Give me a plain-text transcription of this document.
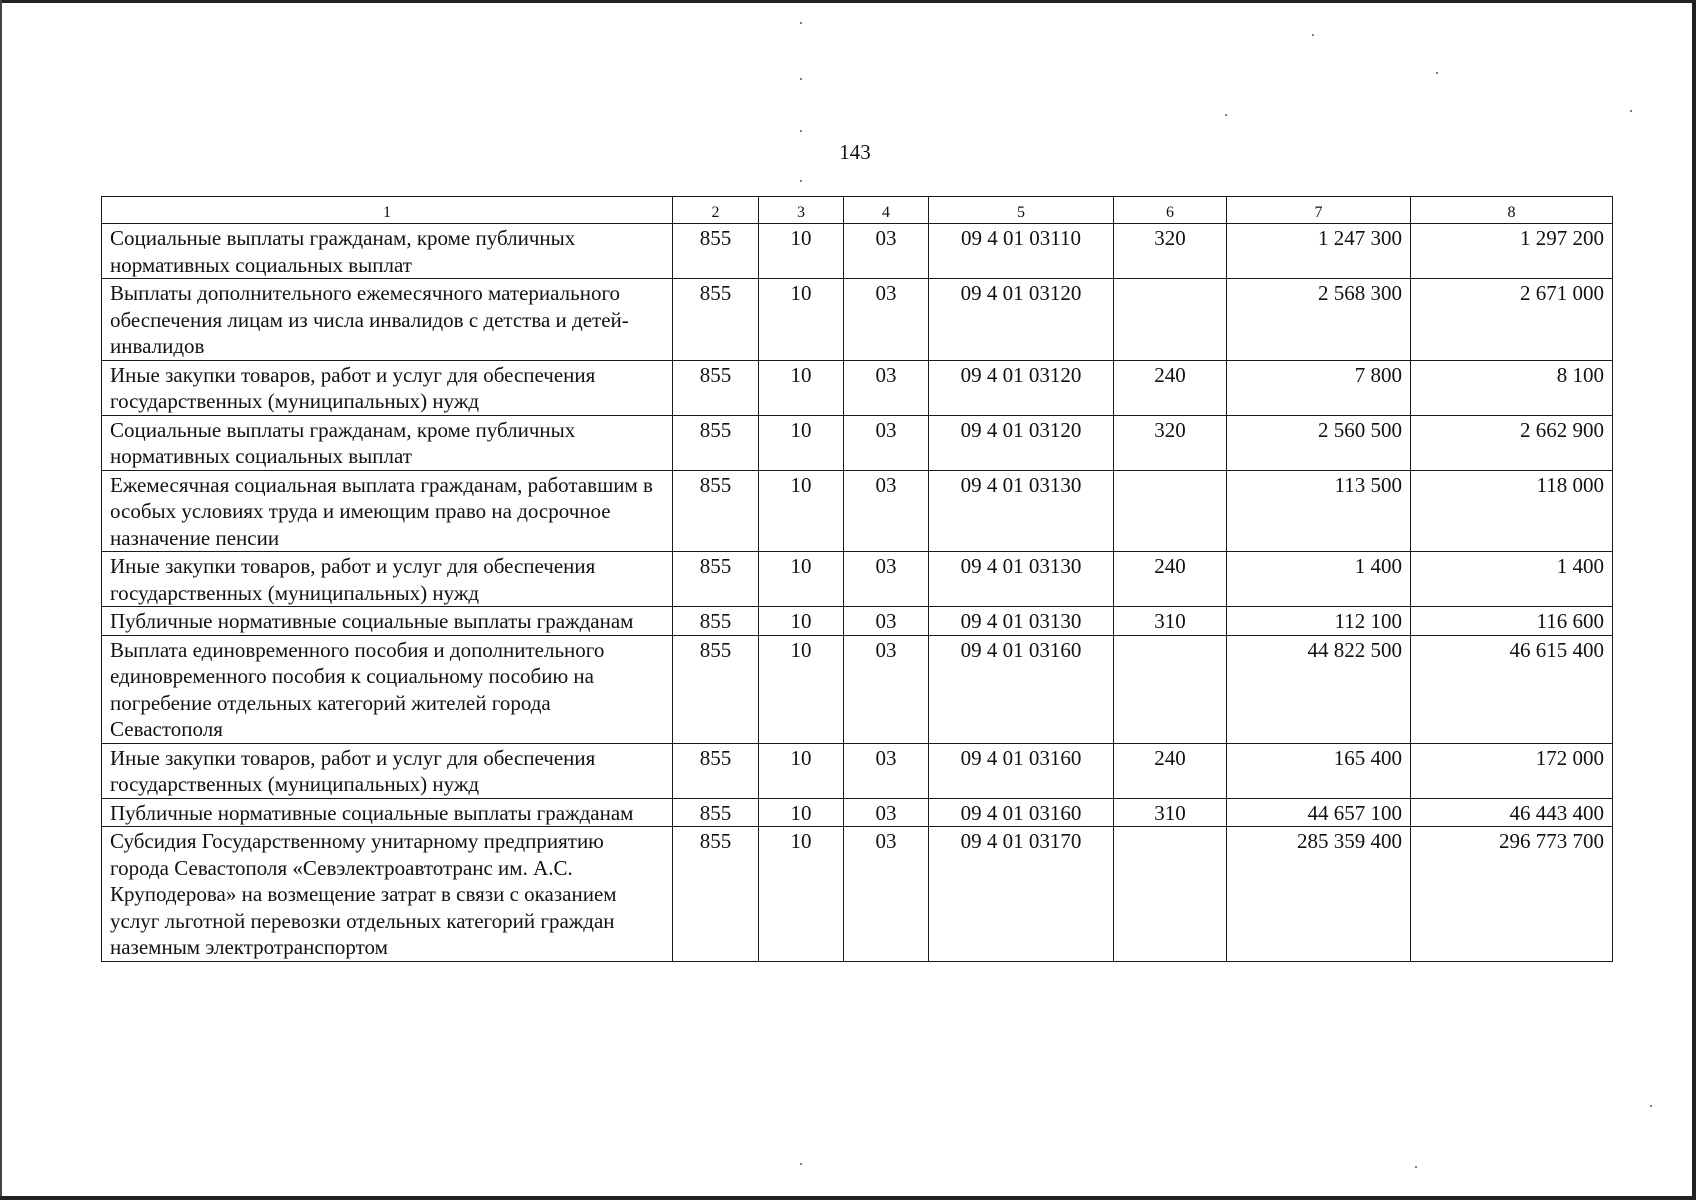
143
1	2	3	4	5	6	7	8
Социальные выплаты гражданам, кроме публичных нормативных социальных выплат	855	10	03	09 4 01 03110	320	1 247 300	1 297 200
Выплаты дополнительного ежемесячного материального обеспечения лицам из числа инвалидов с детства и детей-инвалидов	855	10	03	09 4 01 03120		2 568 300	2 671 000
Иные закупки товаров, работ и услуг для обеспечения государственных (муниципальных) нужд	855	10	03	09 4 01 03120	240	7 800	8 100
Социальные выплаты гражданам, кроме публичных нормативных социальных выплат	855	10	03	09 4 01 03120	320	2 560 500	2 662 900
Ежемесячная социальная выплата гражданам, работавшим в особых условиях труда и имеющим право на досрочное назначение пенсии	855	10	03	09 4 01 03130		113 500	118 000
Иные закупки товаров, работ и услуг для обеспечения государственных (муниципальных) нужд	855	10	03	09 4 01 03130	240	1 400	1 400
Публичные нормативные социальные выплаты гражданам	855	10	03	09 4 01 03130	310	112 100	116 600
Выплата единовременного пособия и дополнительного единовременного пособия к социальному пособию на погребение отдельных категорий жителей города Севастополя	855	10	03	09 4 01 03160		44 822 500	46 615 400
Иные закупки товаров, работ и услуг для обеспечения государственных (муниципальных) нужд	855	10	03	09 4 01 03160	240	165 400	172 000
Публичные нормативные социальные выплаты гражданам	855	10	03	09 4 01 03160	310	44 657 100	46 443 400
Субсидия Государственному унитарному предприятию города Севастополя «Севэлектроавтотранс им. А.С. Круподерова» на возмещение затрат в связи с оказанием услуг льготной перевозки отдельных категорий граждан наземным электротранспортом	855	10	03	09 4 01 03170		285 359 400	296 773 700
